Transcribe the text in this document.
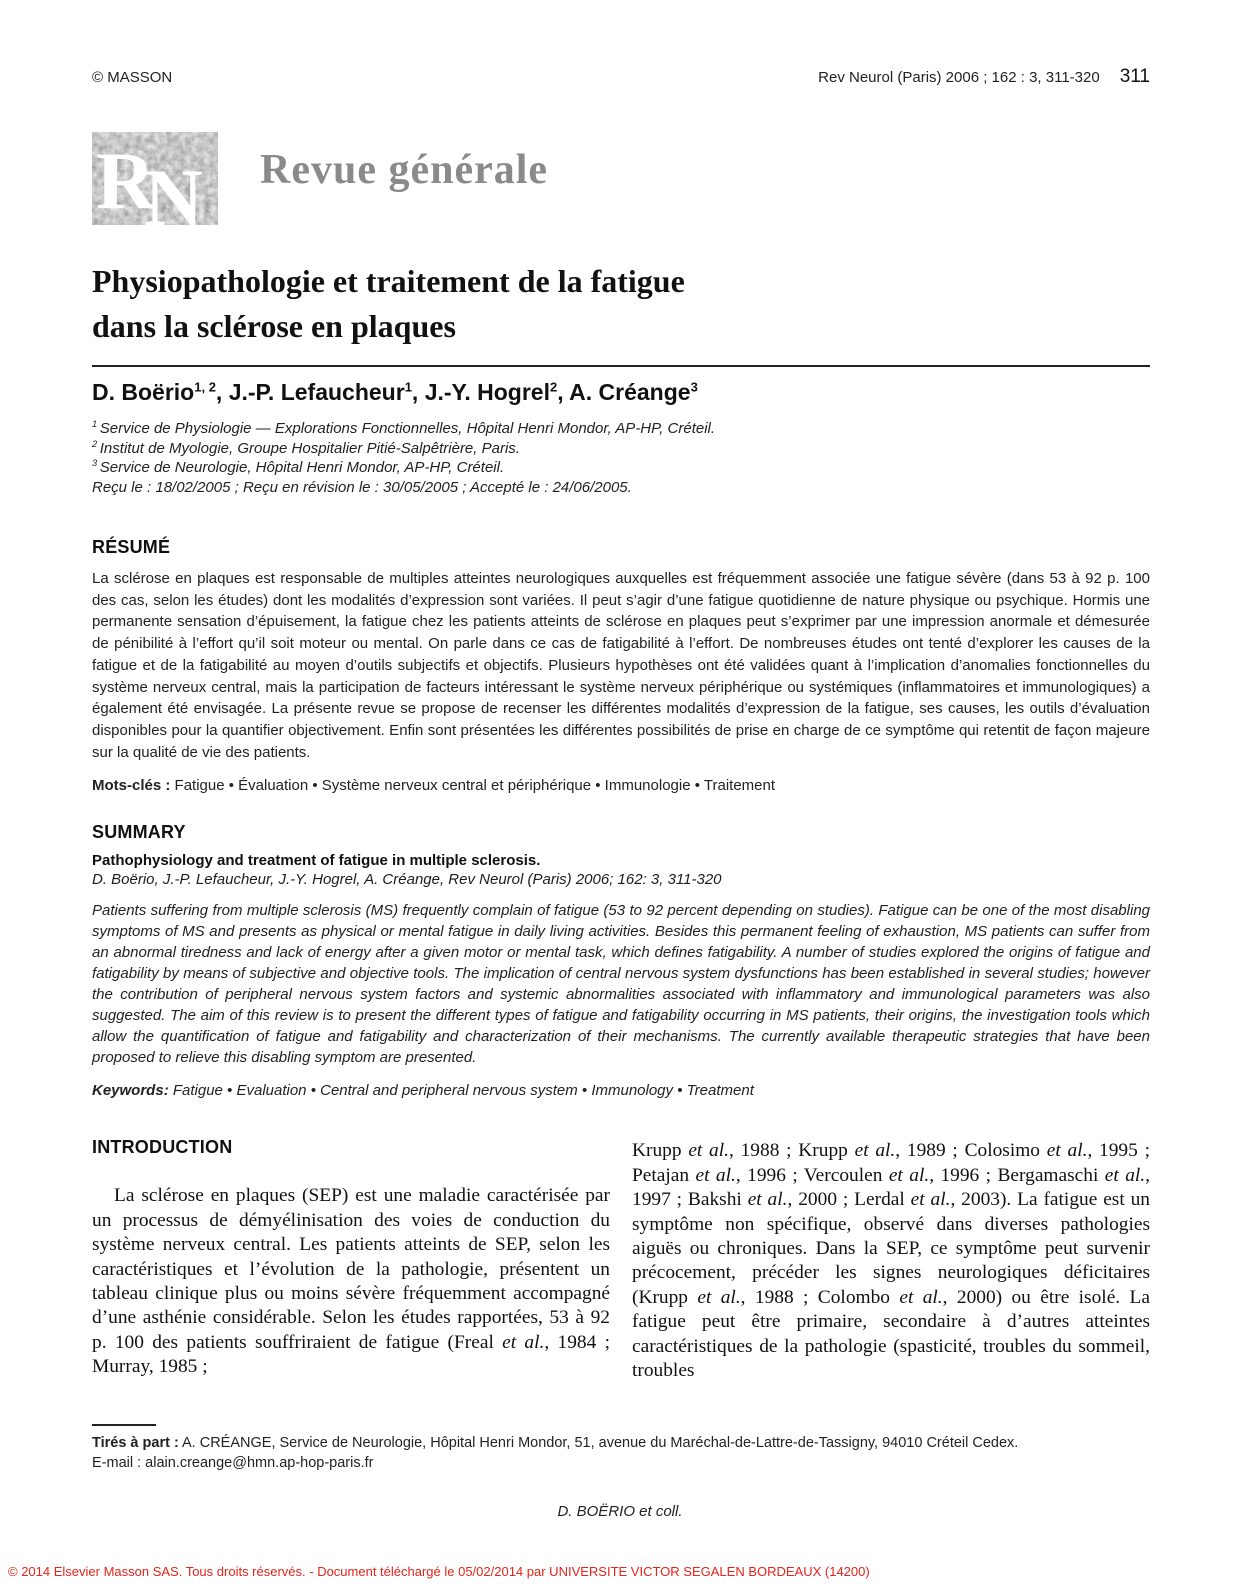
© MASSON	Rev Neurol (Paris) 2006 ; 162 : 3, 311-320 311
R
N Revue générale
Physiopathologie et traitement de la fatigue
dans la sclérose en plaques
D. Boërio$^{1, 2}$, J.-P. Lefaucheur$^1$, J.-Y. Hogrel$^2$, A. Créange$^3$

$^1$ Service de Physiologie — Explorations Fonctionnelles, Hôpital Henri Mondor, AP-HP, Créteil.

$^2$ Institut de Myologie, Groupe Hospitalier Pitié-Salpêtrière, Paris.

$^3$ Service de Neurologie, Hôpital Henri Mondor, AP-HP, Créteil.

Reçu le : 18/02/2005 ; Reçu en révision le : 30/05/2005 ; Accepté le : 24/06/2005.

RÉSUMÉ

La sclérose en plaques est responsable de multiples atteintes neurologiques auxquelles est fréquemment associée une fatigue sévère (dans 53 à 92 p. 100 des cas, selon les études) dont les modalités d’expression sont variées. Il peut s’agir d’une fatigue quotidienne de nature physique ou psychique. Hormis une permanente sensation d’épuisement, la fatigue chez les patients atteints de sclérose en plaques peut s’exprimer par une impression anormale et démesurée de pénibilité à l’effort qu’il soit moteur ou mental. On parle dans ce cas de fatigabilité à l’effort. De nombreuses études ont tenté d’explorer les causes de la fatigue et de la fatigabilité au moyen d’outils subjectifs et objectifs. Plusieurs hypothèses ont été validées quant à l’implication d’anomalies fonctionnelles du système nerveux central, mais la participation de facteurs intéressant le système nerveux périphérique ou systémiques (inflammatoires et immunologiques) a également été envisagée. La présente revue se propose de recenser les différentes modalités d’expression de la fatigue, ses causes, les outils d’évaluation disponibles pour la quantifier objectivement. Enfin sont présentées les différentes possibilités de prise en charge de ce symptôme qui retentit de façon majeure sur la qualité de vie des patients.

Mots-clés : Fatigue • Évaluation • Système nerveux central et périphérique • Immunologie • Traitement

SUMMARY

Pathophysiology and treatment of fatigue in multiple sclerosis.

D. Boërio, J.-P. Lefaucheur, J.-Y. Hogrel, A. Créange, Rev Neurol (Paris) 2006; 162: 3, 311-320

Patients suffering from multiple sclerosis (MS) frequently complain of fatigue (53 to 92 percent depending on studies). Fatigue can be one of the most disabling symptoms of MS and presents as physical or mental fatigue in daily living activities. Besides this permanent feeling of exhaustion, MS patients can suffer from an abnormal tiredness and lack of energy after a given motor or mental task, which defines fatigability. A number of studies explored the origins of fatigue and fatigability by means of subjective and objective tools. The implication of central nervous system dysfunctions has been established in several studies; however the contribution of peripheral nervous system factors and systemic abnormalities associated with inflammatory and immunological parameters was also suggested. The aim of this review is to present the different types of fatigue and fatigability occurring in MS patients, their origins, the investigation tools which allow the quantification of fatigue and fatigability and characterization of their mechanisms. The currently available therapeutic strategies that have been proposed to relieve this disabling symptom are presented.

Keywords: Fatigue • Evaluation • Central and peripheral nervous system • Immunology • Treatment

INTRODUCTION

La sclérose en plaques (SEP) est une maladie caractérisée par un processus de démyélinisation des voies de conduction du système nerveux central. Les patients atteints de SEP, selon les caractéristiques et l’évolution de la pathologie, présentent un tableau clinique plus ou moins sévère fréquemment accompagné d’une asthénie considérable. Selon les études rapportées, 53 à 92 p. 100 des patients souffriraient de fatigue (Freal et al., 1984 ; Murray, 1985 ;

Krupp et al., 1988 ; Krupp et al., 1989 ; Colosimo et al., 1995 ; Petajan et al., 1996 ; Vercoulen et al., 1996 ; Bergamaschi et al., 1997 ; Bakshi et al., 2000 ; Lerdal et al., 2003). La fatigue est un symptôme non spécifique, observé dans diverses pathologies aiguës ou chroniques. Dans la SEP, ce symptôme peut survenir précocement, précéder les signes neurologiques déficitaires (Krupp et al., 1988 ; Colombo et al., 2000) ou être isolé. La fatigue peut être primaire, secondaire à d’autres atteintes caractéristiques de la pathologie (spasticité, troubles du sommeil, troubles

Tirés à part : A. CRÉANGE, Service de Neurologie, Hôpital Henri Mondor, 51, avenue du Maréchal-de-Lattre-de-Tassigny, 94010 Créteil Cedex.

E-mail : alain.creange@hmn.ap-hop-paris.fr

D. BOËRIO et coll.
© 2014 Elsevier Masson SAS. Tous droits réservés. - Document téléchargé le 05/02/2014 par UNIVERSITE VICTOR SEGALEN BORDEAUX (14200)
